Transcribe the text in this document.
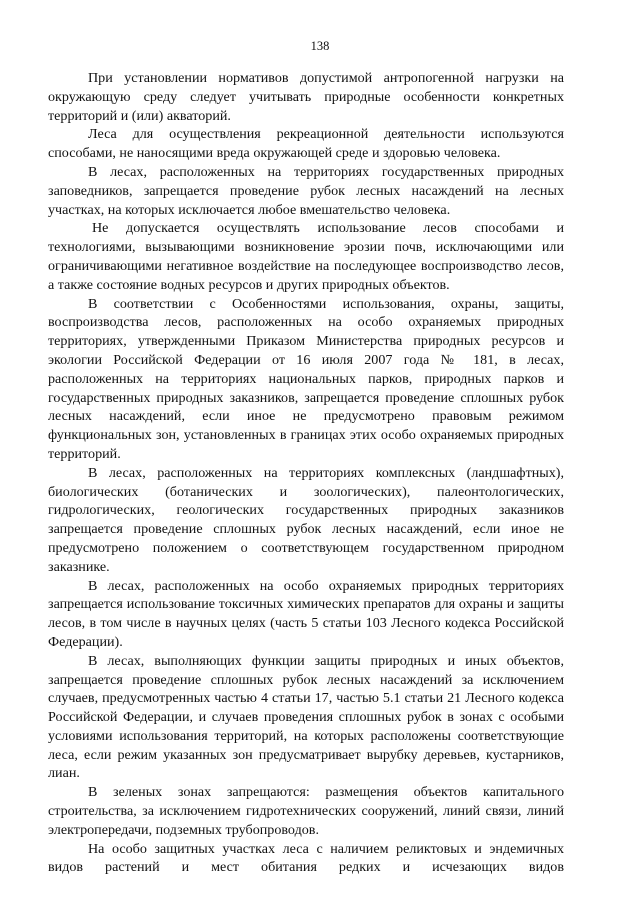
138

При установлении нормативов допустимой антропогенной нагрузки на окружающую среду следует учитывать природные особенности конкретных территорий и (или) акваторий.

Леса для осуществления рекреационной деятельности используются способами, не наносящими вреда окружающей среде и здоровью человека.

В лесах, расположенных на территориях государственных природных заповедников, запрещается проведение рубок лесных насаждений на лесных участках, на которых исключается любое вмешательство человека.

Не допускается осуществлять использование лесов способами и технологиями, вызывающими возникновение эрозии почв, исключающими или ограничивающими негативное воздействие на последующее воспроизводство лесов, а также состояние водных ресурсов и других природных объектов.

В соответствии с Особенностями использования, охраны, защиты, воспроизводства лесов, расположенных на особо охраняемых природных территориях, утвержденными Приказом Министерства природных ресурсов и экологии Российской Федерации от 16 июля 2007 года № 181, в лесах, расположенных на территориях национальных парков, природных парков и государственных природных заказников, запрещается проведение сплошных рубок лесных насаждений, если иное не предусмотрено правовым режимом функциональных зон, установленных в границах этих особо охраняемых природных территорий.

В лесах, расположенных на территориях комплексных (ландшафтных), биологических (ботанических и зоологических), палеонтологических, гидрологических, геологических государственных природных заказников запрещается проведение сплошных рубок лесных насаждений, если иное не предусмотрено положением о соответствующем государственном природном заказнике.

В лесах, расположенных на особо охраняемых природных территориях запрещается использование токсичных химических препаратов для охраны и защиты лесов, в том числе в научных целях (часть 5 статьи 103 Лесного кодекса Российской Федерации).

В лесах, выполняющих функции защиты природных и иных объектов, запрещается проведение сплошных рубок лесных насаждений за исключением случаев, предусмотренных частью 4 статьи 17, частью 5.1 статьи 21 Лесного кодекса Российской Федерации, и случаев проведения сплошных рубок в зонах с особыми условиями использования территорий, на которых расположены соответствующие леса, если режим указанных зон предусматривает вырубку деревьев, кустарников, лиан.

В зеленых зонах запрещаются: размещения объектов капитального строительства, за исключением гидротехнических сооружений, линий связи, линий электропередачи, подземных трубопроводов.

На особо защитных участках леса с наличием реликтовых и эндемичных видов растений и мест обитания редких и исчезающих видов
